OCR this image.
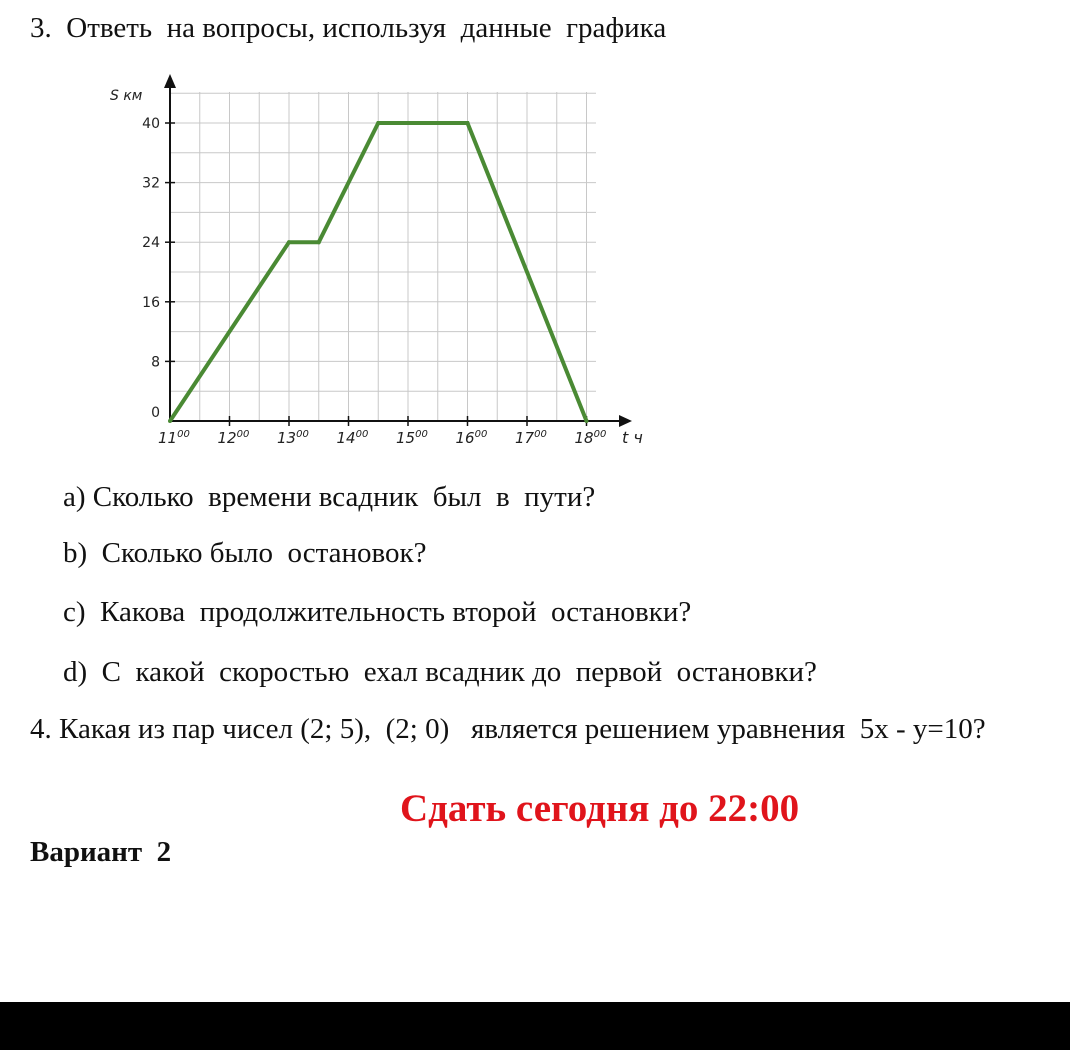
3.  Ответь  на вопросы, используя  данные  графика
$11^{00}$ $12^{00}$ $13^{00}$ $14^{00}$ $15^{00}$ $16^{00}$ $17^{00}$ $18^{00}$ t ч
0
8
16
24
32
40
S км
a) Сколько  времени всадник  был  в  пути?
b)  Сколько было  остановок?
c)  Какова  продолжительность второй  остановки?
d)  С  какой  скоростью  ехал всадник до  первой  остановки?
4. Какая из пар чисел (2; 5),  (2; 0)   является решением уравнения  5х - у=10?
Сдать сегодня до 22:00
Вариант  2
